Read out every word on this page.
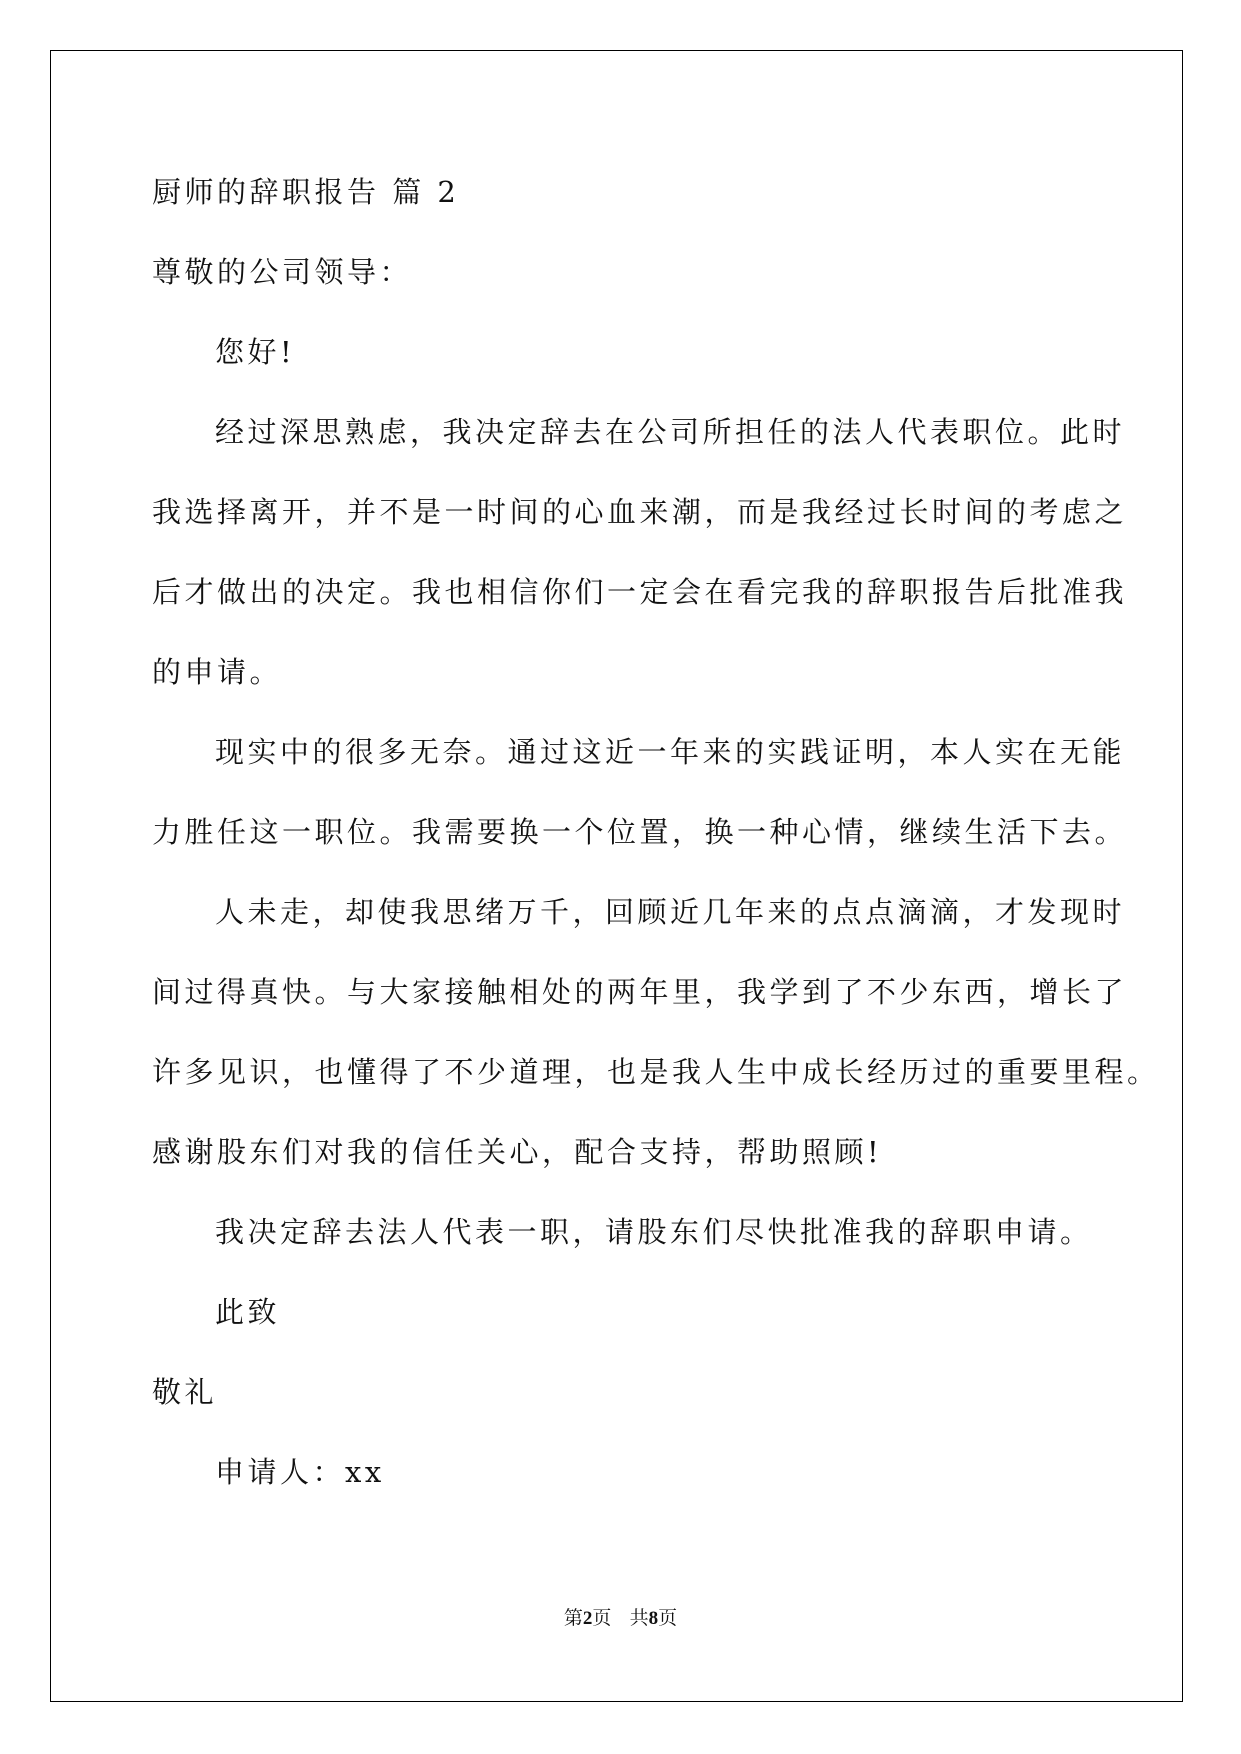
厨师的辞职报告 篇 2
尊敬的公司领导：
您好!
经过深思熟虑，我决定辞去在公司所担任的法人代表职位。此时
我选择离开，并不是一时间的心血来潮，而是我经过长时间的考虑之
后才做出的决定。我也相信你们一定会在看完我的辞职报告后批准我
的申请。
现实中的很多无奈。通过这近一年来的实践证明，本人实在无能
力胜任这一职位。我需要换一个位置，换一种心情，继续生活下去。
人未走，却使我思绪万千，回顾近几年来的点点滴滴，才发现时
间过得真快。与大家接触相处的两年里，我学到了不少东西，增长了
许多见识，也懂得了不少道理，也是我人生中成长经历过的重要里程。
感谢股东们对我的信任关心，配合支持，帮助照顾!
我决定辞去法人代表一职，请股东们尽快批准我的辞职申请。
此致
敬礼
申请人：xx
第2页 共8页
